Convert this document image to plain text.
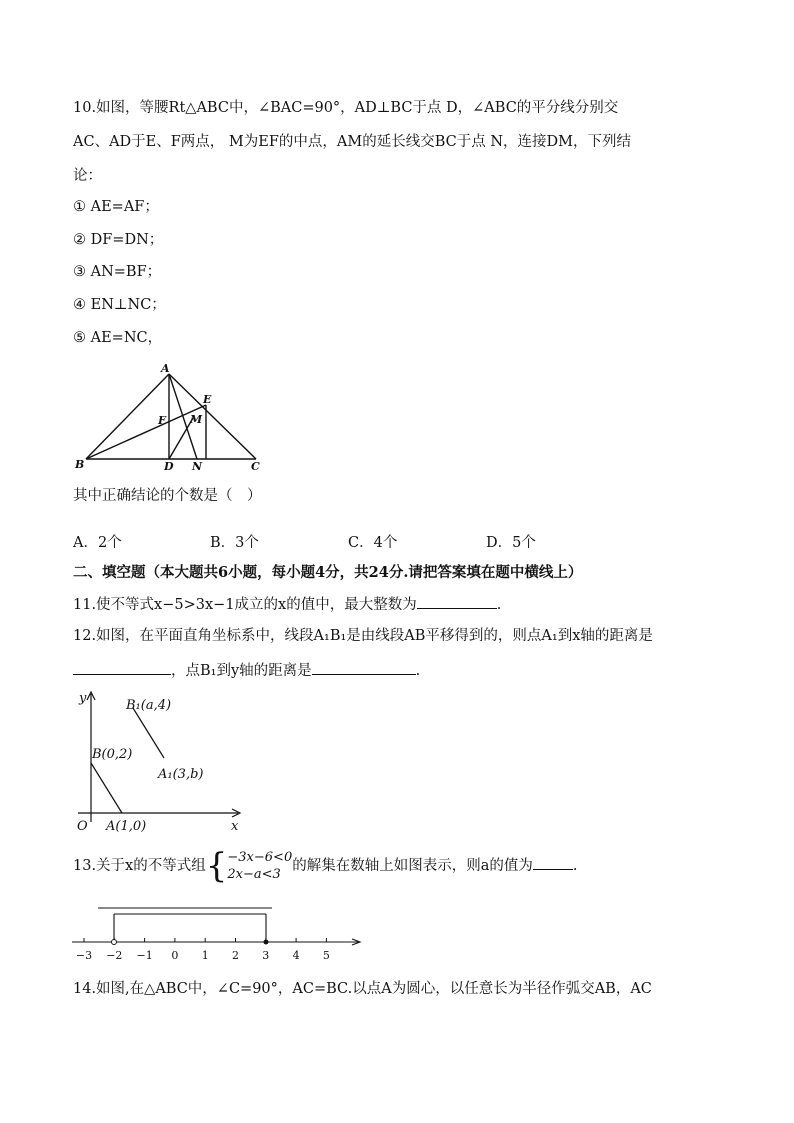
10.如图，等腰Rt△ABC中，∠BAC=90°，AD⊥BC于点 D，∠ABC的平分线分别交
AC、AD于E、F两点， M为EF的中点，AM的延长线交BC于点 N，连接DM，下列结
论：
① AE=AF；
② DF=DN；
③ AN=BF；
④ EN⊥NC；
⑤ AE=NC，
A
B	C
D
E
F M
N
其中正确结论的个数是（　）
A．2个	B．3个	C．4个	D．5个
二、填空题（本大题共6小题，每小题4分，共24分.请把答案填在题中横线上）
11.使不等式x−5>3x−1成立的x的值中，最大整数为	.
12.如图，在平面直角坐标系中，线段A₁B₁是由线段AB平移得到的，则点A₁到x轴的距离是
，点B₁到y轴的距离是	.
y
x
O
B₁(a,4)
B(0,2)
A₁(3,b)
A(1,0)
13.关于x的不等式组{−3x−6<0
2x−a<3的解集在数轴上如图表示，则a的值为	.
−3 −2 −1 0 1 2 3 4 5
14.如图,在△ABC中，∠C=90°，AC=BC.以点A为圆心，以任意长为半径作弧交AB，AC
